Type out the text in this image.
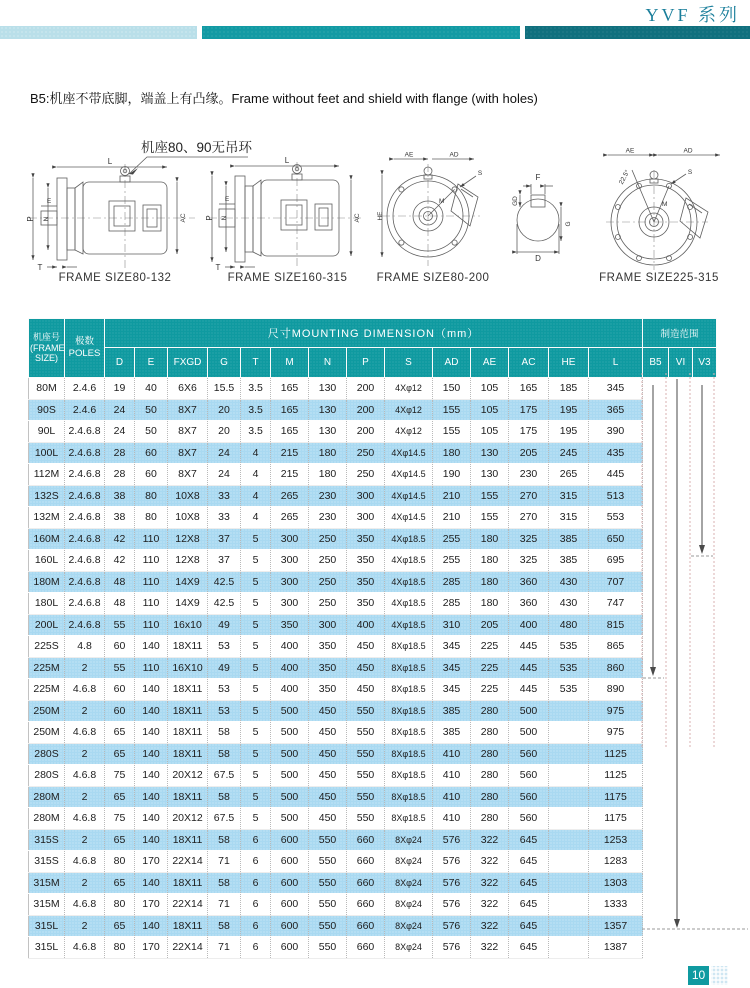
YVF 系列
B5:机座不带底脚，端盖上有凸缘。Frame without feet and shield with flange (with holes)
机座80、90无吊环
L
P N
E
T
AC
L
P N
E
T
AC
AE	AD
S
HE
M
F
GD
G
D
AE	AD
22.5°	S
M
FRAME SIZE80-132	FRAME SIZE160-315	FRAME SIZE80-200	FRAME SIZE225-315
机座号
(FRAME
SIZE)	极数
POLES	尺寸MOUNTING DIMENSION（mm）														制造范围		
		D	E	FXGD	G	T	M	N	P	S	AD	AE	AC	HE	L	B5	VI	V3
80M	2.4.6	19	40	6X6	15.5	3.5	165	130	200	4Xφ12	150	105	165	185	345			
90S	2.4.6	24	50	8X7	20	3.5	165	130	200	4Xφ12	155	105	175	195	365			
90L	2.4.6.8	24	50	8X7	20	3.5	165	130	200	4Xφ12	155	105	175	195	390			
100L	2.4.6.8	28	60	8X7	24	4	215	180	250	4Xφ14.5	180	130	205	245	435			
112M	2.4.6.8	28	60	8X7	24	4	215	180	250	4Xφ14.5	190	130	230	265	445			
132S	2.4.6.8	38	80	10X8	33	4	265	230	300	4Xφ14.5	210	155	270	315	513			
132M	2.4.6.8	38	80	10X8	33	4	265	230	300	4Xφ14.5	210	155	270	315	553			
160M	2.4.6.8	42	110	12X8	37	5	300	250	350	4Xφ18.5	255	180	325	385	650			
160L	2.4.6.8	42	110	12X8	37	5	300	250	350	4Xφ18.5	255	180	325	385	695			
180M	2.4.6.8	48	110	14X9	42.5	5	300	250	350	4Xφ18.5	285	180	360	430	707			
180L	2.4.6.8	48	110	14X9	42.5	5	300	250	350	4Xφ18.5	285	180	360	430	747			
200L	2.4.6.8	55	110	16x10	49	5	350	300	400	4Xφ18.5	310	205	400	480	815			
225S	4.8	60	140	18X11	53	5	400	350	450	8Xφ18.5	345	225	445	535	865			
225M	2	55	110	16X10	49	5	400	350	450	8Xφ18.5	345	225	445	535	860			
225M	4.6.8	60	140	18X11	53	5	400	350	450	8Xφ18.5	345	225	445	535	890			
250M	2	60	140	18X11	53	5	500	450	550	8Xφ18.5	385	280	500		975			
250M	4.6.8	65	140	18X11	58	5	500	450	550	8Xφ18.5	385	280	500		975			
280S	2	65	140	18X11	58	5	500	450	550	8Xφ18.5	410	280	560		1125			
280S	4.6.8	75	140	20X12	67.5	5	500	450	550	8Xφ18.5	410	280	560		1125			
280M	2	65	140	18X11	58	5	500	450	550	8Xφ18.5	410	280	560		1175			
280M	4.6.8	75	140	20X12	67.5	5	500	450	550	8Xφ18.5	410	280	560		1175			
315S	2	65	140	18X11	58	6	600	550	660	8Xφ24	576	322	645		1253			
315S	4.6.8	80	170	22X14	71	6	600	550	660	8Xφ24	576	322	645		1283			
315M	2	65	140	18X11	58	6	600	550	660	8Xφ24	576	322	645		1303			
315M	4.6.8	80	170	22X14	71	6	600	550	660	8Xφ24	576	322	645		1333			
315L	2	65	140	18X11	58	6	600	550	660	8Xφ24	576	322	645		1357			
315L	4.6.8	80	170	22X14	71	6	600	550	660	8Xφ24	576	322	645		1387			
10
